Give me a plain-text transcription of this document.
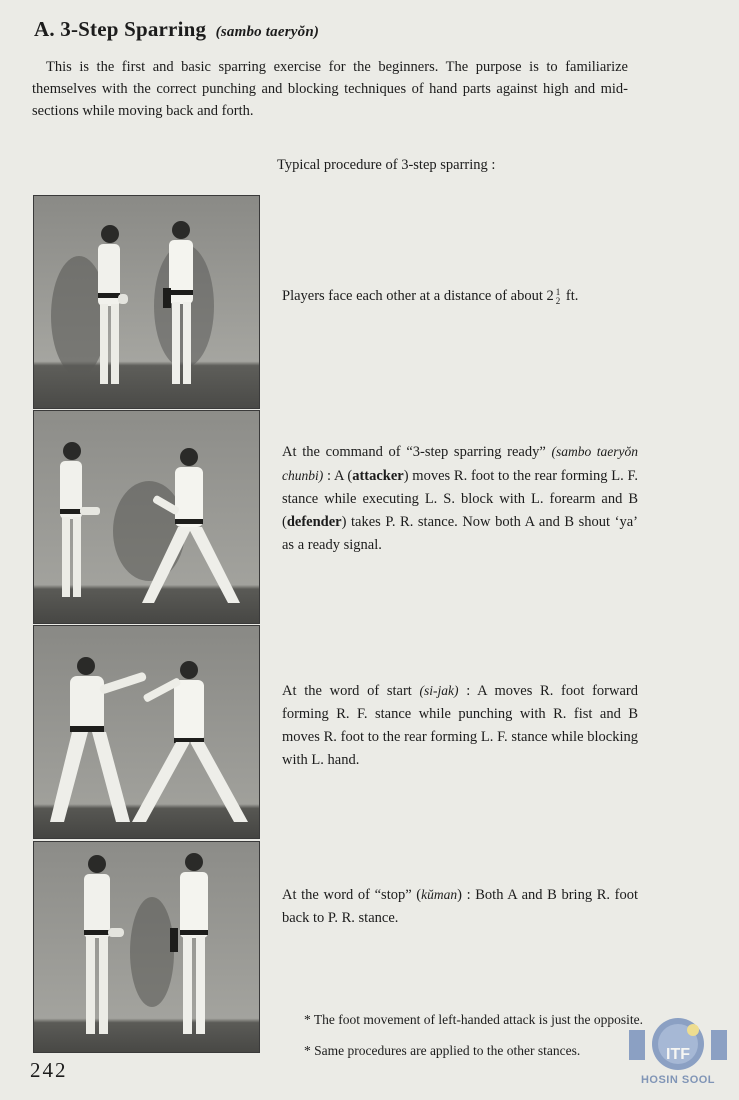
A. 3-Step Sparring (sambo taeryŏn)
This is the first and basic sparring exercise for the beginners. The purpose is to familiarize themselves with the correct punching and blocking techniques of hand parts against high and mid-sections while moving back and forth.
Typical procedure of 3-step sparring :
Players face each other at a distance of about 2 1
2 ft.
At the command of “3-step sparring ready” (sambo taeryŏn chunbi) : A (attacker) moves R. foot to the rear forming L. F. stance while executing L. S. block with L. forearm and B (defender) takes P. R. stance. Now both A and B shout ‘ya’ as a ready signal.
At the word of start (si-jak) : A moves R. foot forward forming R. F. stance while punching with R. fist and B moves R. foot to the rear forming L. F. stance while blocking with L. hand.
At the word of “stop” (kŭman) : Both A and B bring R. foot back to P. R. stance.
* The foot movement of left-handed attack is just the opposite.
* Same procedures are applied to the other stances.
242
ITF
HOSIN SOOL
